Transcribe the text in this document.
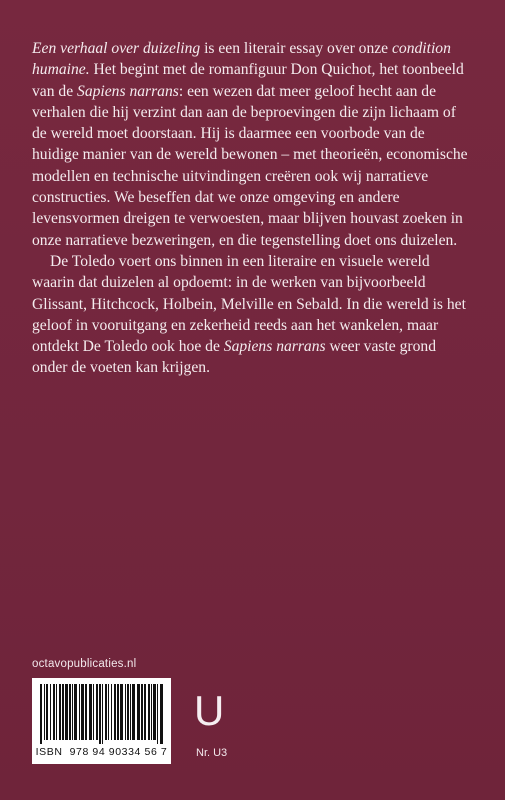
Een verhaal over duizeling is een literair essay over onze condition humaine. Het begint met de romanfiguur Don Quichot, het toonbeeld van de Sapiens narrans: een wezen dat meer geloof hecht aan de verhalen die hij verzint dan aan de beproevingen die zijn lichaam of de wereld moet doorstaan. Hij is daarmee een voorbode van de huidige manier van de wereld bewonen – met theorieën, economische modellen en technische uitvindingen creëren ook wij narratieve constructies. We beseffen dat we onze omgeving en andere levensvormen dreigen te verwoesten, maar blijven houvast zoeken in onze narratieve bezweringen, en die tegenstelling doet ons duizelen.

De Toledo voert ons binnen in een literaire en visuele wereld waarin dat duizelen al opdoemt: in de werken van bijvoorbeeld Glissant, Hitchcock, Holbein, Melville en Sebald. In die wereld is het geloof in vooruitgang en zekerheid reeds aan het wankelen, maar ontdekt De Toledo ook hoe de Sapiens narrans weer vaste grond onder de voeten kan krijgen.

octavopublicaties.nl
ISBN  978 94 90334 56 7
U
Nr. U3
